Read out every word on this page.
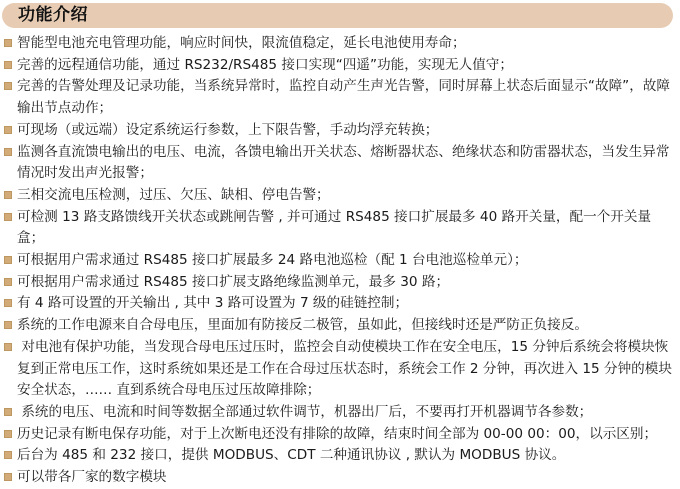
功能介绍
智能型电池充电管理功能，响应时间快，限流值稳定，延长电池使用寿命；
完善的远程通信功能，通过 RS232/RS485 接口实现“四遥”功能，实现无人值守；
完善的告警处理及记录功能，当系统异常时，监控自动产生声光告警，同时屏幕上状态后面显示“故障”，故障输出节点动作；
可现场（或远端）设定系统运行参数，上下限告警，手动均浮充转换；
监测各直流馈电输出的电压、电流，各馈电输出开关状态、熔断器状态、绝缘状态和防雷器状态，当发生异常情况时发出声光报警；
三相交流电压检测，过压、欠压、缺相、停电告警；
可检测 13 路支路馈线开关状态或跳闸告警 , 并可通过 RS485 接口扩展最多 40 路开关量，配一个开关量盒；
可根据用户需求通过 RS485 接口扩展最多 24 路电池巡检（配 1 台电池巡检单元）；
可根据用户需求通过 RS485 接口扩展支路绝缘监测单元，最多 30 路；
有 4 路可设置的开关输出 , 其中 3 路可设置为 7 级的硅链控制；
系统的工作电源来自合母电压，里面加有防接反二极管，虽如此，但接线时还是严防正负接反。
对电池有保护功能，当发现合母电压过压时，监控会自动使模块工作在安全电压，15 分钟后系统会将模块恢复到正常电压工作，这时系统如果还是工作在合母过压状态时，系统会工作 2 分钟，再次进入 15 分钟的模块安全状态，…… 直到系统合母电压过压故障排除；
系统的电压、电流和时间等数据全部通过软件调节，机器出厂后，不要再打开机器调节各参数；
历史记录有断电保存功能，对于上次断电还没有排除的故障，结束时间全部为 00-00 00：00，以示区别；
后台为 485 和 232 接口，提供 MODBUS、CDT 二种通讯协议 , 默认为 MODBUS 协议。
可以带各厂家的数字模块
